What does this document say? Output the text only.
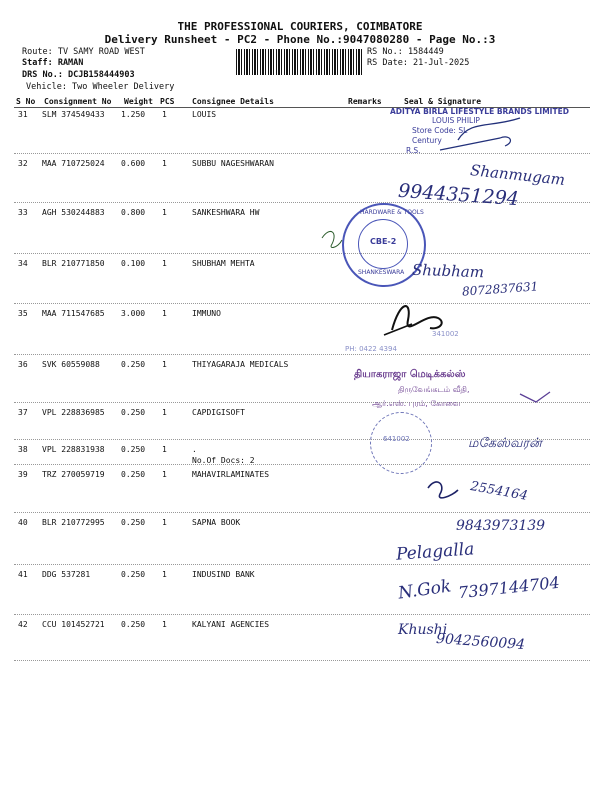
THE PROFESSIONAL COURIERS, COIMBATORE
Delivery Runsheet - PC2 - Phone No.:9047080280 - Page No.:3
Route: TV SAMY ROAD WEST
Staff: RAMAN
DRS No.: DCJB158444903
Vehicle: Two Wheeler Delivery
RS No.: 1584449
RS Date: 21-Jul-2025
S No Consignment No Weight PCS Consignee Details	Remarks	Seal & Signature
31 SLM 374549433 1.250 1	LOUIS
32 MAA 710725024 0.600 1	SUBBU NAGESHWARAN
33 AGH 530244883 0.800 1	SANKESHWARA HW
34 BLR 210771850 0.100 1	SHUBHAM MEHTA
35 MAA 711547685 3.000 1	IMMUNO
36 SVK 60559088	0.250 1	THIYAGARAJA MEDICALS
37 VPL 228836985 0.250 1	CAPDIGISOFT
38 VPL 228831938 0.250 1	.
39 TRZ 270059719 0.250 1	MAHAVIRLAMINATES
40 BLR 210772995 0.250 1	SAPNA BOOK
41 DDG 537281	0.250 1	INDUSIND BANK
42 CCU 101452721 0.250 1	KALYANI AGENCIES
No.Of Docs: 2
ADITYA BIRLA LIFESTYLE BRANDS LIMITED
LOUIS PHILIP
Store Code: SL
Century
R.S.
HARDWARE & TOOLS
CBE-2
SHANKESWARA
341002
PH: 0422 4394
தியாகராஜா மெடிக்கல்ஸ்
திருவேங்கடம் வீதி,
ஆர்.எஸ். புரம், கோவை
641002
Shanmugam
9944351294
Shubham
8072837631
மகேஸ்வரன்
2554164
9843973139
Pelagalla
N.Gok 7397144704
Khushi
9042560094
